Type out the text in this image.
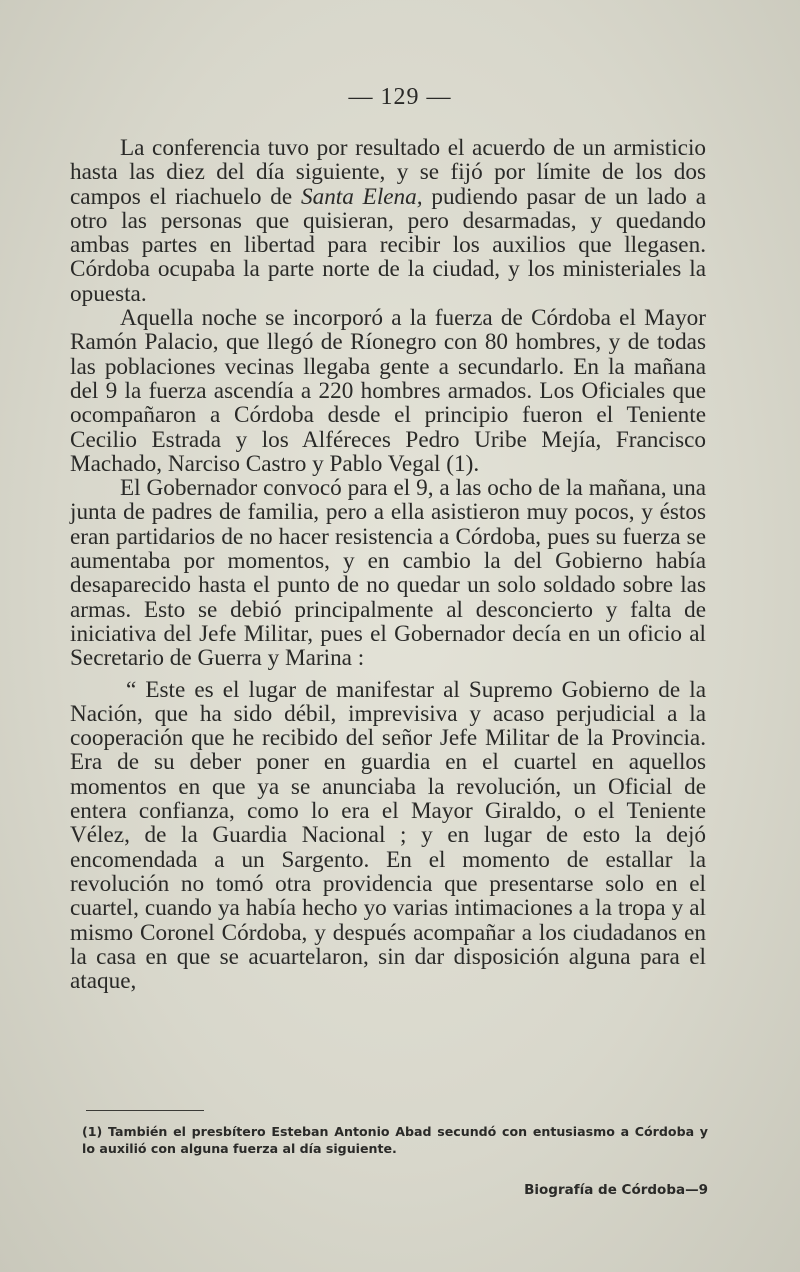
— 129 —

La conferencia tuvo por resultado el acuerdo de un armisticio hasta las diez del día siguiente, y se fijó por límite de los dos campos el riachuelo de Santa Elena, pudiendo pasar de un lado a otro las personas que quisieran, pero desarmadas, y quedando ambas partes en libertad para recibir los auxilios que llegasen. Córdoba ocupaba la parte norte de la ciudad, y los ministeriales la opuesta.

Aquella noche se incorporó a la fuerza de Córdoba el Mayor Ramón Palacio, que llegó de Ríonegro con 80 hombres, y de todas las poblaciones vecinas llegaba gente a secundarlo. En la mañana del 9 la fuerza ascendía a 220 hombres armados. Los Oficiales que ocompañaron a Córdoba desde el principio fueron el Teniente Cecilio Estrada y los Alféreces Pedro Uribe Mejía, Francisco Machado, Narciso Castro y Pablo Vegal (1).

El Gobernador convocó para el 9, a las ocho de la mañana, una junta de padres de familia, pero a ella asistieron muy pocos, y éstos eran partidarios de no hacer resistencia a Córdoba, pues su fuerza se aumentaba por momentos, y en cambio la del Gobierno había desaparecido hasta el punto de no quedar un solo soldado sobre las armas. Esto se debió principalmente al desconcierto y falta de iniciativa del Jefe Militar, pues el Gobernador decía en un oficio al Secretario de Guerra y Marina :

“ Este es el lugar de manifestar al Supremo Gobierno de la Nación, que ha sido débil, imprevisiva y acaso perjudicial a la cooperación que he recibido del señor Jefe Militar de la Provincia. Era de su deber poner en guardia en el cuartel en aquellos momentos en que ya se anunciaba la revolución, un Oficial de entera confianza, como lo era el Mayor Giraldo, o el Teniente Vélez, de la Guardia Nacional ; y en lugar de esto la dejó encomendada a un Sargento. En el momento de estallar la revolución no tomó otra providencia que presentarse solo en el cuartel, cuando ya había hecho yo varias intimaciones a la tropa y al mismo Coronel Córdoba, y después acompañar a los ciudadanos en la casa en que se acuartelaron, sin dar disposición alguna para el ataque,

(1) También el presbítero Esteban Antonio Abad secundó con entusiasmo a Córdoba y lo auxilió con alguna fuerza al día siguiente.
Biografía de Córdoba—9
